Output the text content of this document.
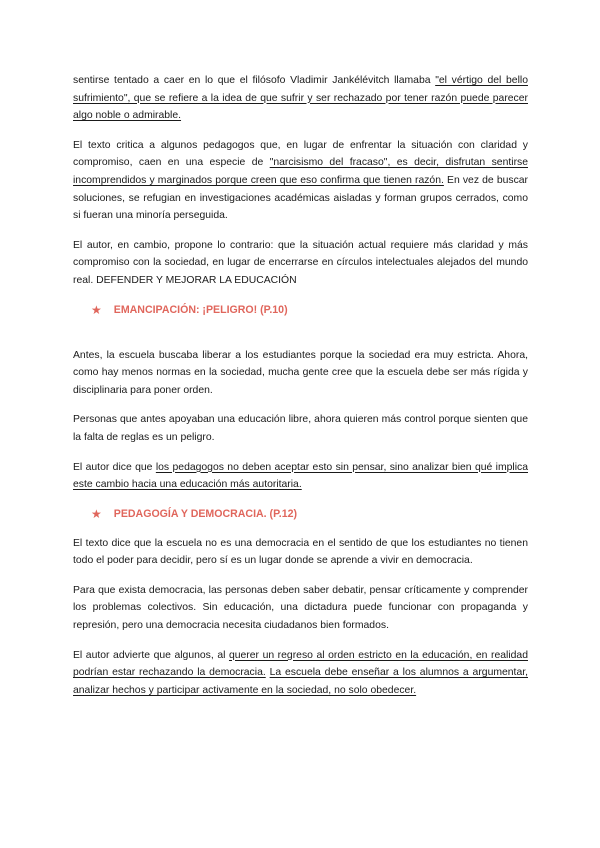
sentirse tentado a caer en lo que el filósofo Vladimir Jankélévitch llamaba "el vértigo del bello sufrimiento", que se refiere a la idea de que sufrir y ser rechazado por tener razón puede parecer algo noble o admirable.

El texto critica a algunos pedagogos que, en lugar de enfrentar la situación con claridad y compromiso, caen en una especie de "narcisismo del fracaso", es decir, disfrutan sentirse incomprendidos y marginados porque creen que eso confirma que tienen razón. En vez de buscar soluciones, se refugian en investigaciones académicas aisladas y forman grupos cerrados, como si fueran una minoría perseguida.

El autor, en cambio, propone lo contrario: que la situación actual requiere más claridad y más compromiso con la sociedad, en lugar de encerrarse en círculos intelectuales alejados del mundo real. DEFENDER Y MEJORAR LA EDUCACIÓN

★ EMANCIPACIÓN: ¡PELIGRO! (P.10)

Antes, la escuela buscaba liberar a los estudiantes porque la sociedad era muy estricta. Ahora, como hay menos normas en la sociedad, mucha gente cree que la escuela debe ser más rígida y disciplinaria para poner orden.

Personas que antes apoyaban una educación libre, ahora quieren más control porque sienten que la falta de reglas es un peligro.

El autor dice que los pedagogos no deben aceptar esto sin pensar, sino analizar bien qué implica este cambio hacia una educación más autoritaria.

★ PEDAGOGÍA Y DEMOCRACIA. (P.12)

El texto dice que la escuela no es una democracia en el sentido de que los estudiantes no tienen todo el poder para decidir, pero sí es un lugar donde se aprende a vivir en democracia.

Para que exista democracia, las personas deben saber debatir, pensar críticamente y comprender los problemas colectivos. Sin educación, una dictadura puede funcionar con propaganda y represión, pero una democracia necesita ciudadanos bien formados.

El autor advierte que algunos, al querer un regreso al orden estricto en la educación, en realidad podrían estar rechazando la democracia. La escuela debe enseñar a los alumnos a argumentar, analizar hechos y participar activamente en la sociedad, no solo obedecer.
